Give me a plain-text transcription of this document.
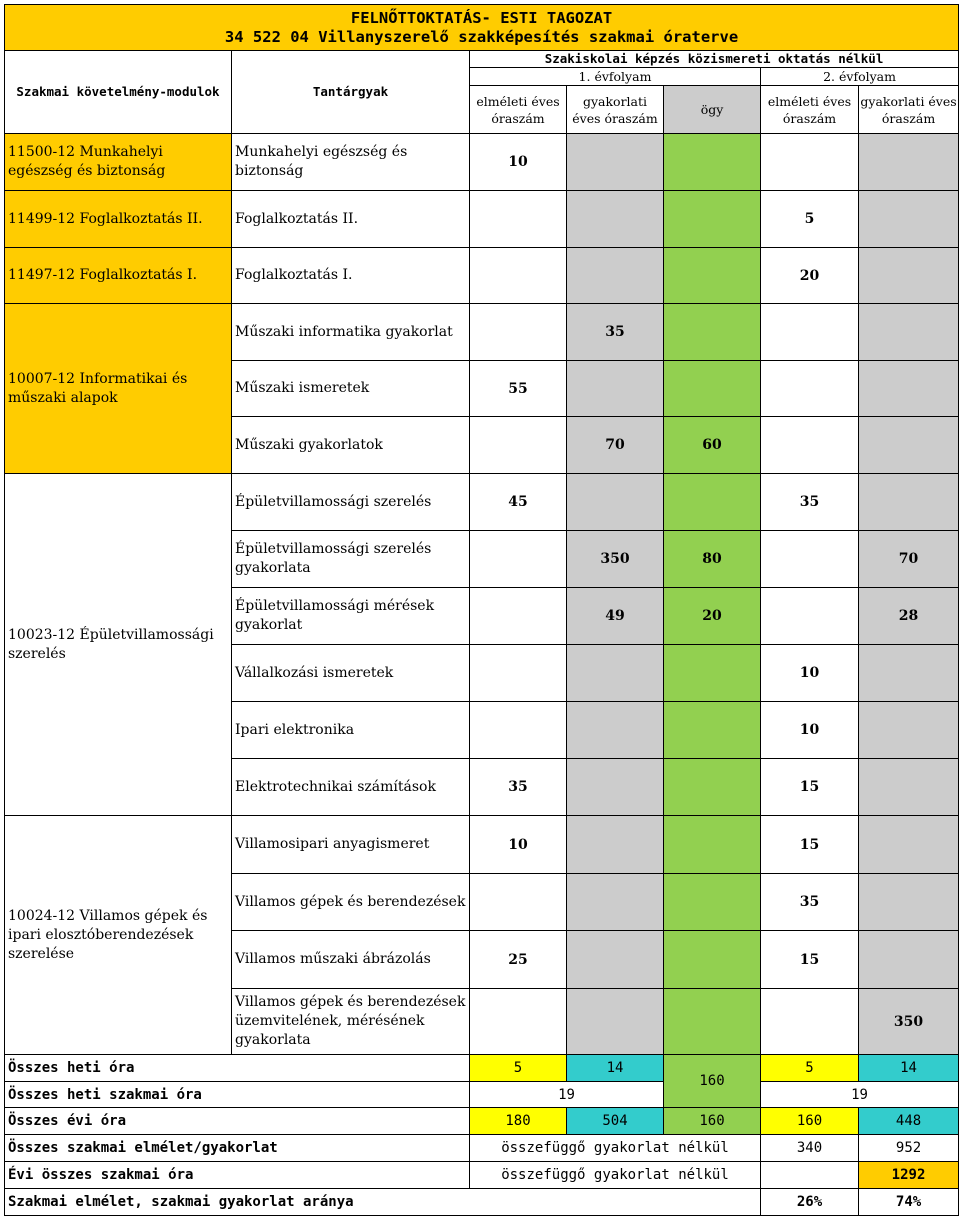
FELNŐTTOKTATÁS- ESTI TAGOZAT
34 522 04 Villanyszerelő szakképesítés szakmai óraterve						

Szakmai követelmény-modulok	Tantárgyak	Szakiskolai képzés közismereti oktatás nélkül				
		1. évfolyam			2. évfolyam	
		elméleti éves óraszám	gyakorlati éves óraszám	ögy	elméleti éves óraszám	gyakorlati éves óraszám
11500-12 Munkahelyi egészség és biztonság	Munkahelyi egészség és biztonság	10				
11499-12 Foglalkoztatás II.	Foglalkoztatás II.				5	
11497-12 Foglalkoztatás I.	Foglalkoztatás I.				20	
10007-12 Informatikai és műszaki alapok	Műszaki informatika gyakorlat		35			
	Műszaki ismeretek	55				
	Műszaki gyakorlatok		70	60		
10023-12 Épületvillamossági szerelés	Épületvillamossági szerelés	45			35	
	Épületvillamossági szerelés gyakorlata		350	80		70
	Épületvillamossági mérések gyakorlat		49	20		28
	Vállalkozási ismeretek				10	
	Ipari elektronika				10	
	Elektrotechnikai számítások	35			15	
10024-12 Villamos gépek és ipari elosztóberendezések szerelése	Villamosipari anyagismeret	10			15	
	Villamos gépek és berendezések				35	
	Villamos műszaki ábrázolás	25			15	
	Villamos gépek és berendezések üzemvitelének, mérésének gyakorlata					350
Összes heti óra		5	14	160	5	14
Összes heti szakmai óra		19			19	
Összes évi óra		180	504	160	160	448
Összes szakmai elmélet/gyakorlat		összefüggő gyakorlat nélkül			340	952
Évi összes szakmai óra		összefüggő gyakorlat nélkül				1292
Szakmai elmélet, szakmai gyakorlat aránya					26%	74%
